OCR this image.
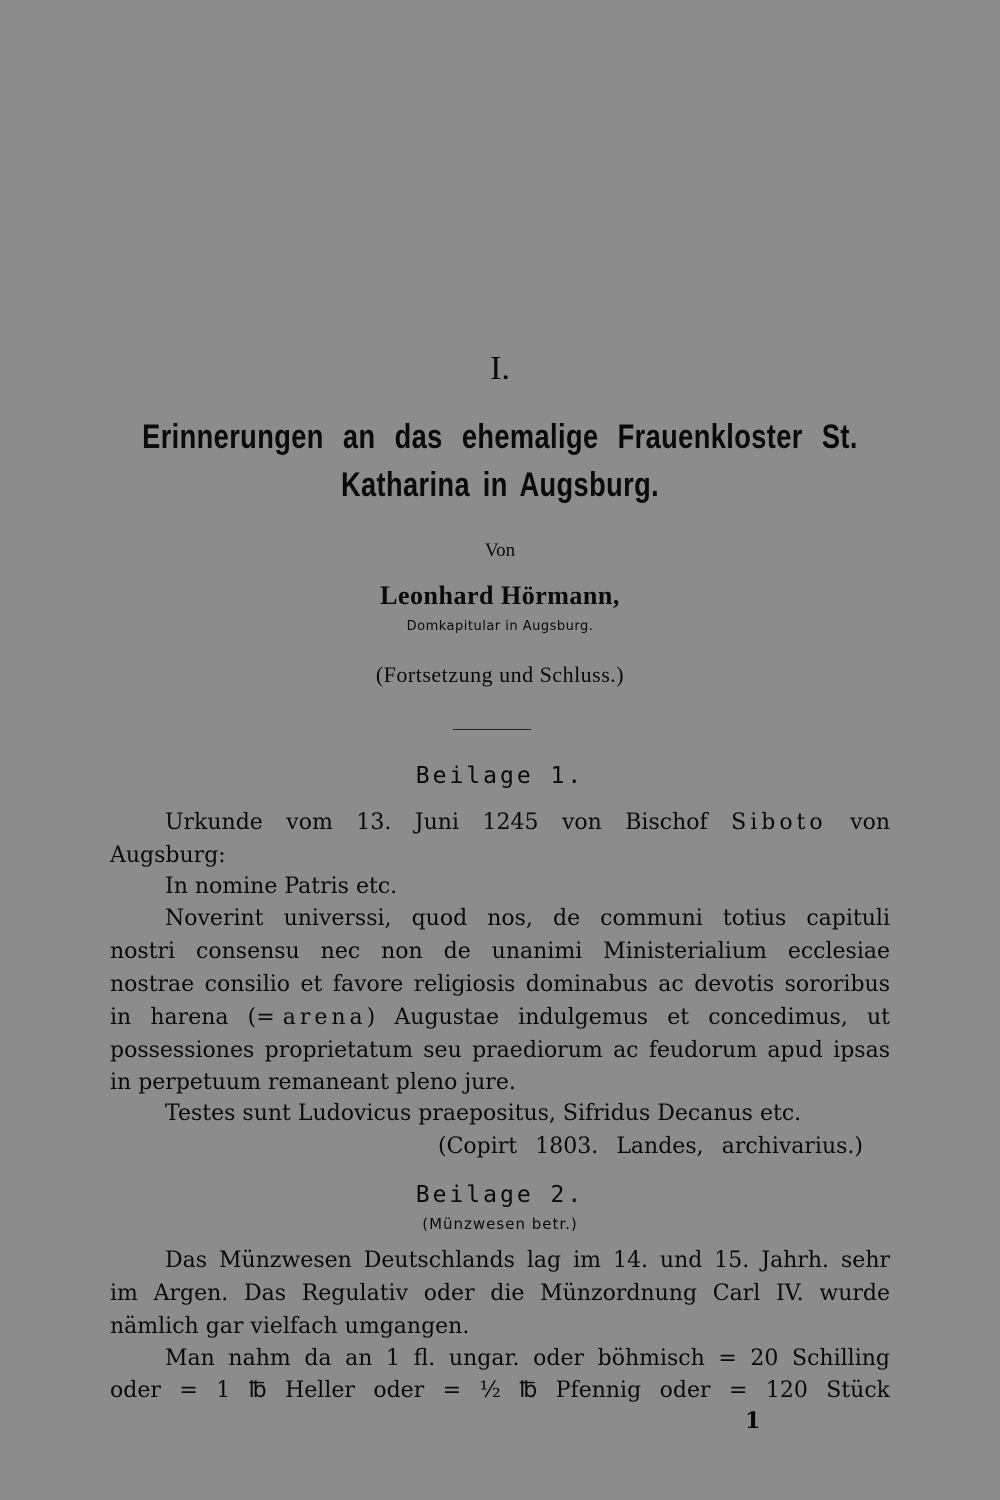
I.
Erinnerungen an das ehemalige Frauenkloster St.
Katharina in Augsburg.
Von
Leonhard Hörmann,
Domkapitular in Augsburg.
(Fortsetzung und Schluss.)
Beilage 1.
Urkunde vom 13. Juni 1245 von Bischof Siboto von
Augsburg:
In nomine Patris etc.
Noverint universsi, quod nos, de communi totius capituli
nostri consensu nec non de unanimi Ministerialium ecclesiae
nostrae consilio et favore religiosis dominabus ac devotis sororibus
in harena (= arena) Augustae indulgemus et concedimus, ut
possessiones proprietatum seu praediorum ac feudorum apud ipsas
in perpetuum remaneant pleno jure.
Testes sunt Ludovicus praepositus, Sifridus Decanus etc.
(Copirt 1803. Landes, archivarius.)
Beilage 2.
(Münzwesen betr.)
Das Münzwesen Deutschlands lag im 14. und 15. Jahrh. sehr
im Argen. Das Regulativ oder die Münzordnung Carl IV. wurde
nämlich gar vielfach umgangen.
Man nahm da an 1 fl. ungar. oder böhmisch = 20 Schilling
oder = 1 ℔ Heller oder = ½ ℔ Pfennig oder = 120 Stück
1
